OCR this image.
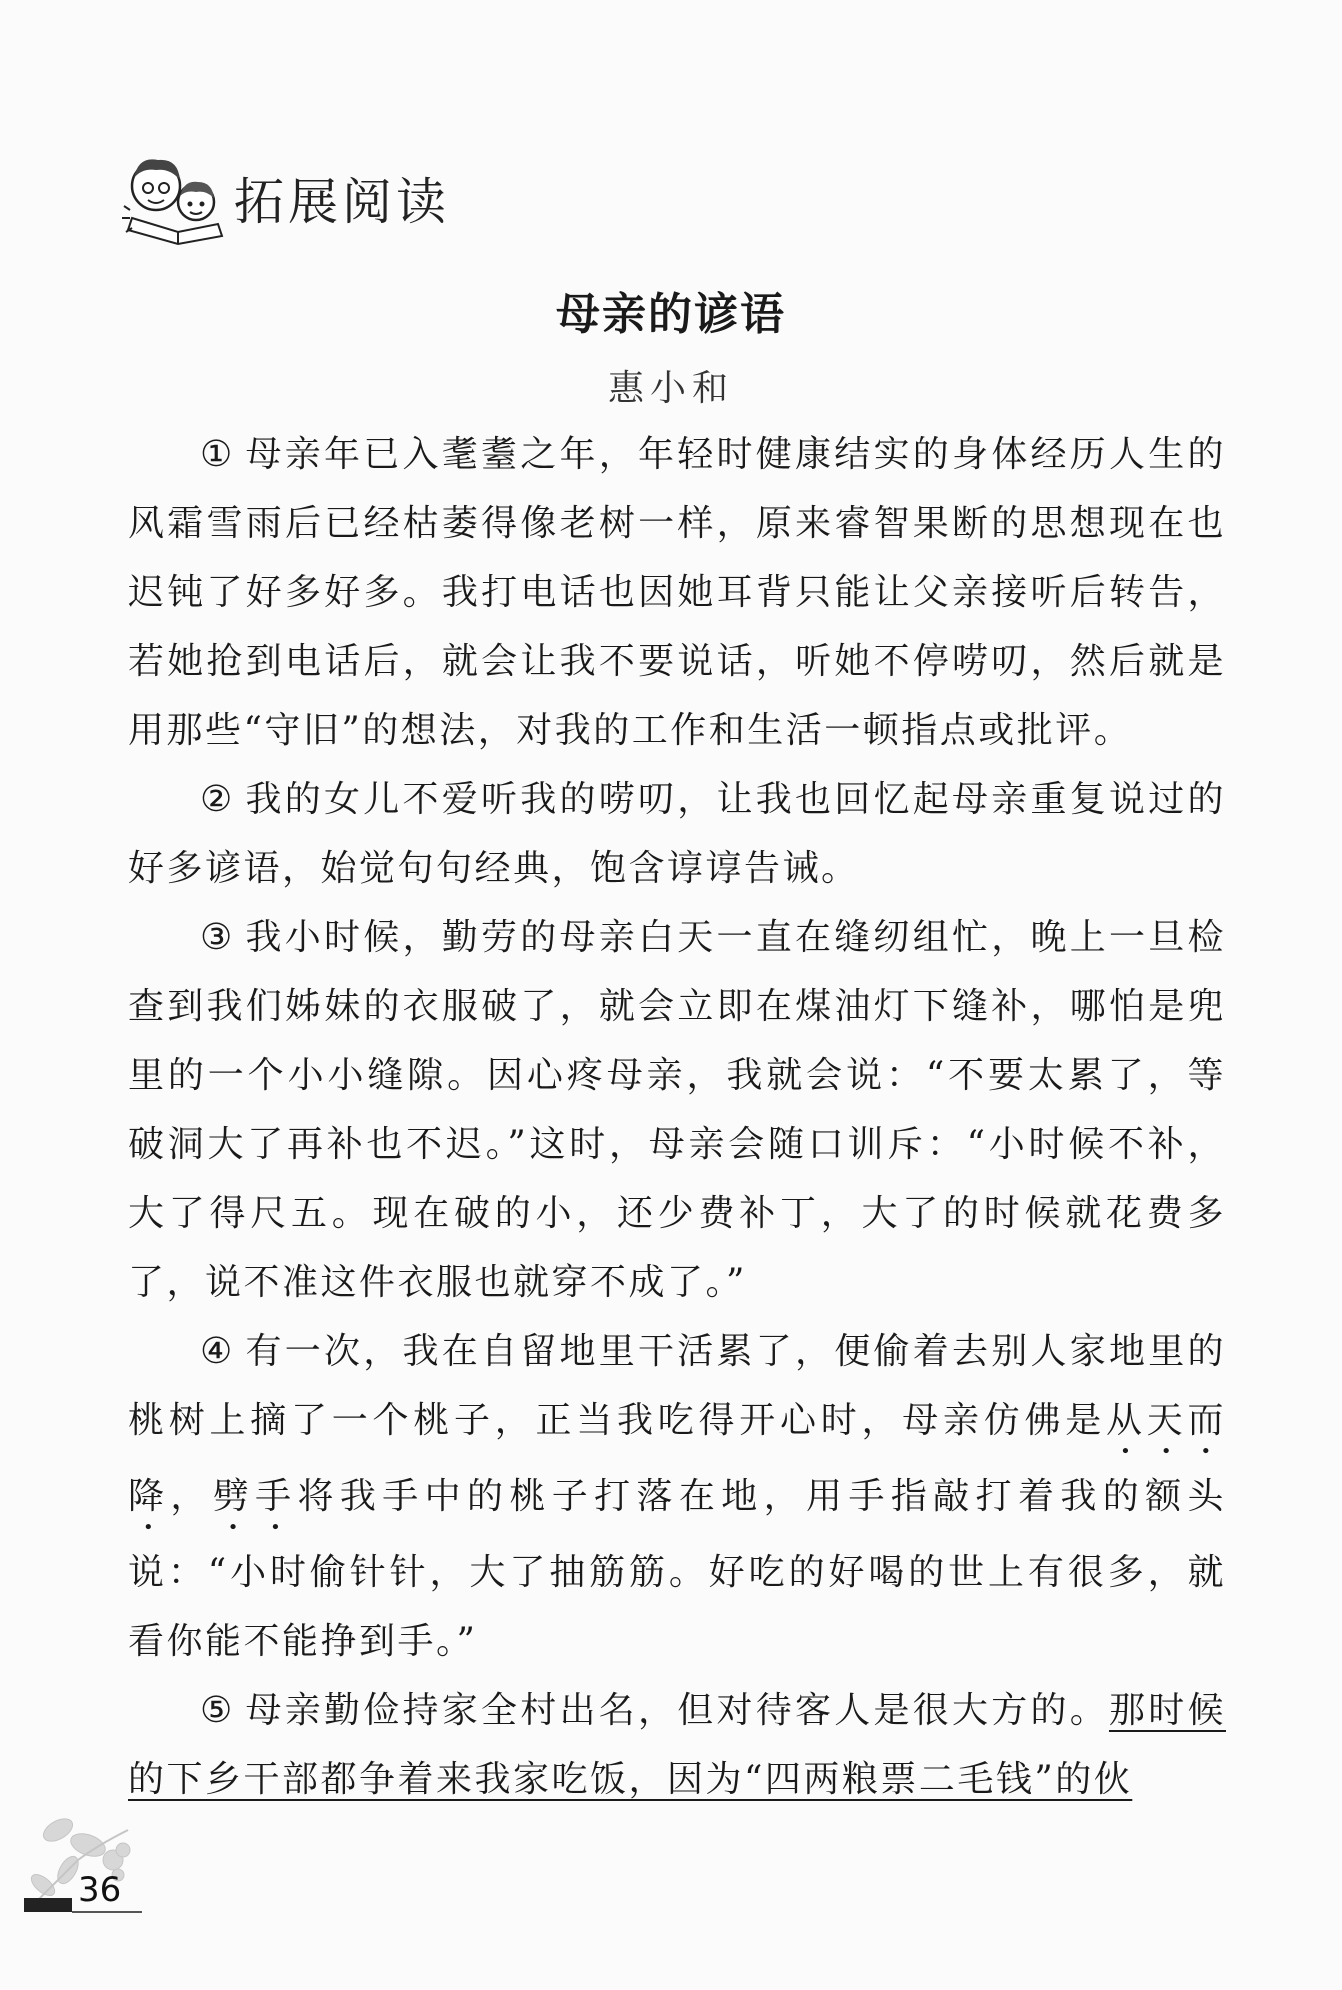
拓展阅读
母亲的谚语
惠小和

① 母亲年已入耄耋之年，年轻时健康结实的身体经历人生的风霜雪雨后已经枯萎得像老树一样，原来睿智果断的思想现在也迟钝了好多好多。我打电话也因她耳背只能让父亲接听后转告，若她抢到电话后，就会让我不要说话，听她不停唠叨，然后就是用那些“守旧”的想法，对我的工作和生活一顿指点或批评。

② 我的女儿不爱听我的唠叨，让我也回忆起母亲重复说过的好多谚语，始觉句句经典，饱含谆谆告诫。

③ 我小时候，勤劳的母亲白天一直在缝纫组忙，晚上一旦检查到我们姊妹的衣服破了，就会立即在煤油灯下缝补，哪怕是兜里的一个小小缝隙。因心疼母亲，我就会说：“不要太累了，等破洞大了再补也不迟。”这时，母亲会随口训斥：“小时候不补，大了得尺五。现在破的小，还少费补丁，大了的时候就花费多了，说不准这件衣服也就穿不成了。”

④ 有一次，我在自留地里干活累了，便偷着去别人家地里的桃树上摘了一个桃子，正当我吃得开心时，母亲仿佛是从天而降，劈手将我手中的桃子打落在地，用手指敲打着我的额头说：“小时偷针针，大了抽筋筋。好吃的好喝的世上有很多，就看你能不能挣到手。”

⑤ 母亲勤俭持家全村出名，但对待客人是很大方的。那时候的下乡干部都争着来我家吃饭，因为“四两粮票二毛钱”的伙

36
